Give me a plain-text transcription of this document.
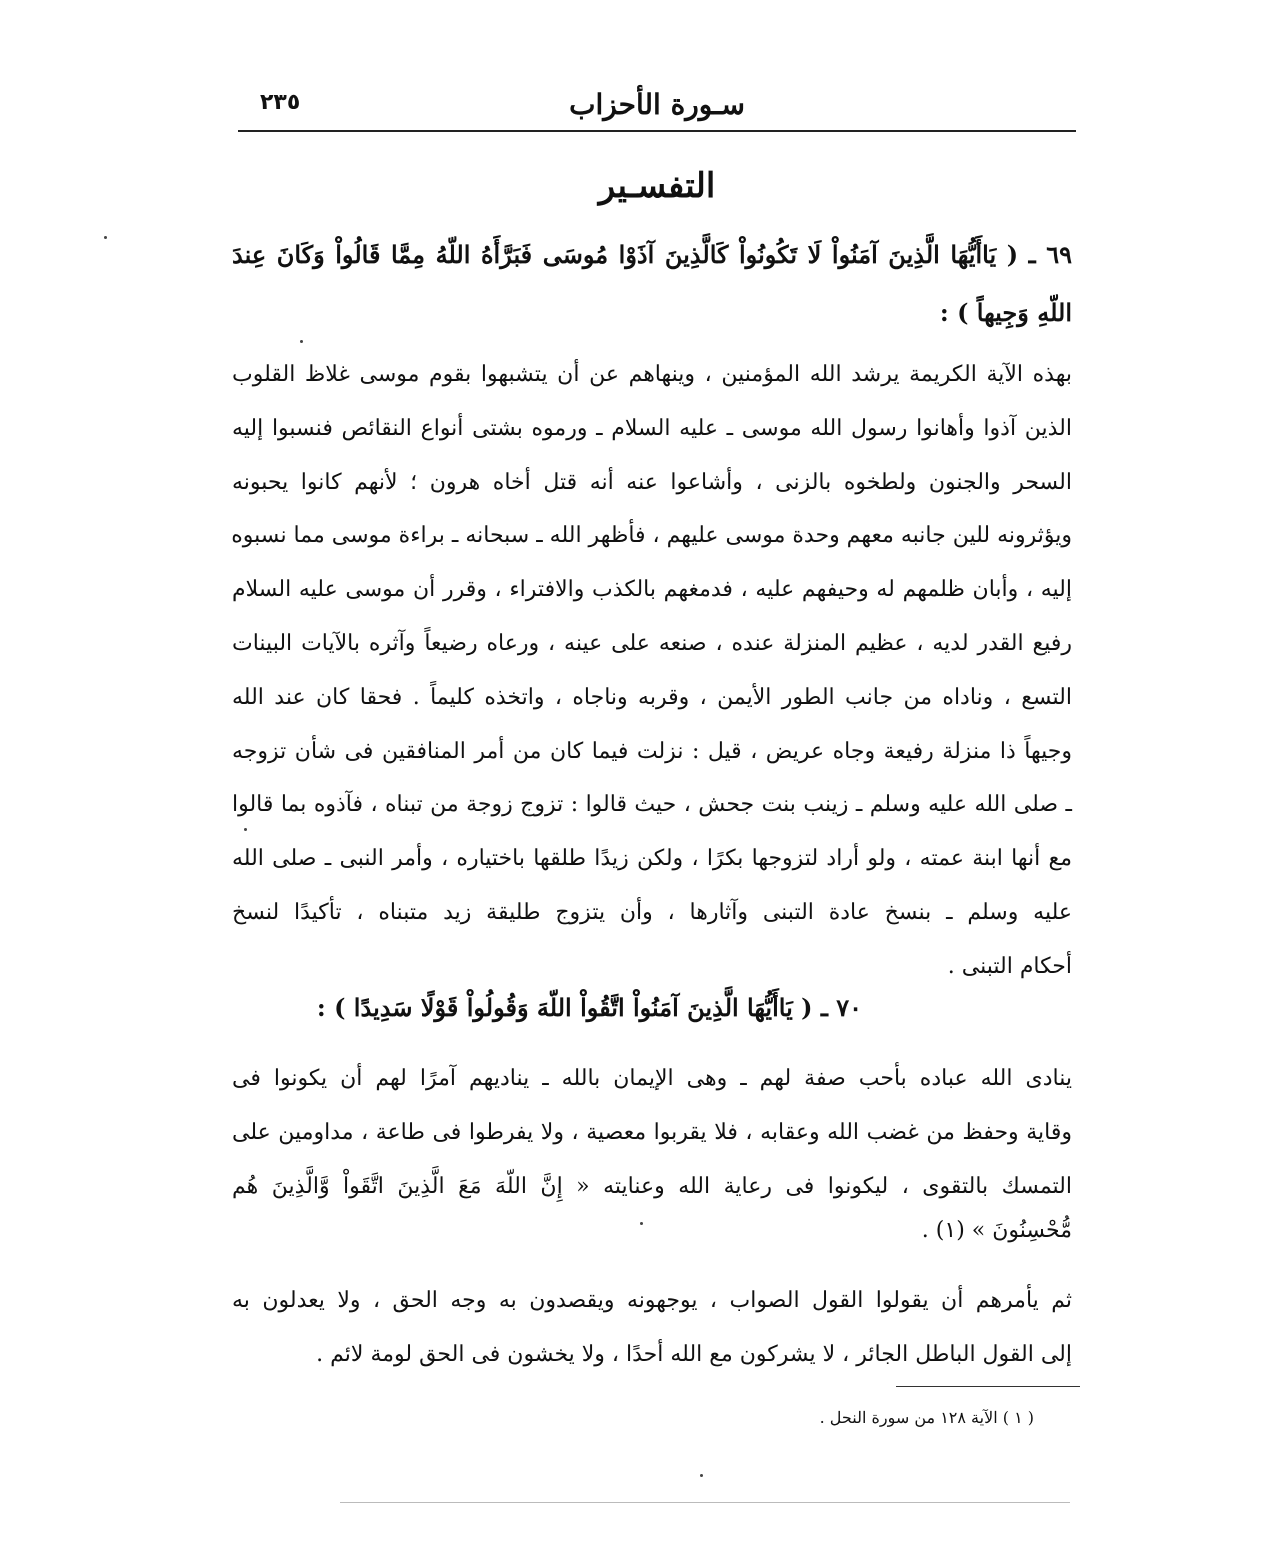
٢٣٥	سـورة الأحزاب
التفسـير
٦٩ ـ ( يَاأَيُّهَا الَّذِينَ آمَنُواْ لَا تَكُونُواْ كَالَّذِينَ آذَوْا مُوسَى فَبَرَّأَهُ اللّهُ مِمَّا قَالُواْ وَكَانَ عِندَ
اللّهِ وَجِيهاً ) :
بهذه الآية الكريمة يرشد الله المؤمنين ، وينهاهم عن أن يتشبهوا بقوم موسى غلاظ القلوب
الذين آذوا وأهانوا رسول الله موسى ـ عليه السلام ـ ورموه بشتى أنواع النقائص فنسبوا إليه
السحر والجنون ولطخوه بالزنى ، وأشاعوا عنه أنه قتل أخاه هرون ؛ لأنهم كانوا يحبونه
ويؤثرونه للين جانبه معهم وحدة موسى عليهم ، فأظهر الله ـ سبحانه ـ براءة موسى مما نسبوه
إليه ، وأبان ظلمهم له وحيفهم عليه ، فدمغهم بالكذب والافتراء ، وقرر أن موسى عليه السلام
رفيع القدر لديه ، عظيم المنزلة عنده ، صنعه على عينه ، ورعاه رضيعاً وآثره بالآيات البينات
التسع ، وناداه من جانب الطور الأيمن ، وقربه وناجاه ، واتخذه كليماً . فحقا كان عند الله
وجيهاً ذا منزلة رفيعة وجاه عريض ، قيل : نزلت فيما كان من أمر المنافقين فى شأن تزوجه
ـ صلى الله عليه وسلم ـ زينب بنت جحش ، حيث قالوا : تزوج زوجة من تبناه ، فآذوه بما قالوا
مع أنها ابنة عمته ، ولو أراد لتزوجها بكرًا ، ولكن زيدًا طلقها باختياره ، وأمر النبى ـ صلى الله
عليه وسلم ـ بنسخ عادة التبنى وآثارها ، وأن يتزوج طليقة زيد متبناه ، تأكيدًا لنسخ
أحكام التبنى .
٧٠ ـ ( يَاأَيُّهَا الَّذِينَ آمَنُواْ اتَّقُواْ اللّهَ وَقُولُواْ قَوْلًا سَدِيدًا ) :
ينادى الله عباده بأحب صفة لهم ـ وهى الإيمان بالله ـ ينادیهم آمرًا لهم أن يكونوا فى
وقاية وحفظ من غضب الله وعقابه ، فلا يقربوا معصية ، ولا يفرطوا فى طاعة ، مداومين على
التمسك بالتقوى ، ليكونوا فى رعاية الله وعنايته « إِنَّ اللّهَ مَعَ الَّذِينَ اتَّقَواْ وَّالَّذِينَ هُم
مُّحْسِنُونَ » (١) .
ثم يأمرهم أن يقولوا القول الصواب ، يوجهونه ويقصدون به وجه الحق ، ولا يعدلون به
إلى القول الباطل الجائر ، لا يشركون مع الله أحدًا ، ولا يخشون فى الحق لومة لائم .
( ١ ) الآية ١٢٨ من سورة النحل .
